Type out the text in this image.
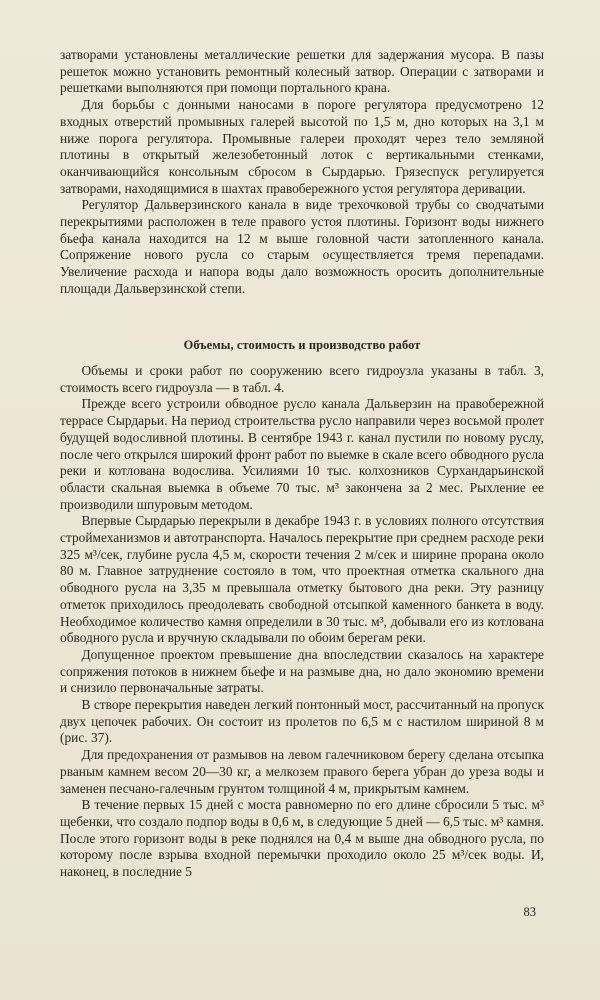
затворами установлены металлические решетки для задержания мусора. В пазы решеток можно установить ремонтный колесный затвор. Операции с затворами и решетками выполняются при помощи портального крана.

Для борьбы с донными наносами в пороге регулятора предусмотрено 12 входных отверстий промывных галерей высотой по 1,5 м, дно которых на 3,1 м ниже порога регулятора. Промывные галереи проходят через тело земляной плотины в открытый железобетонный лоток с вертикальными стенками, оканчивающийся консольным сбросом в Сырдарью. Грязеспуск регулируется затворами, находящимися в шахтах правобережного устоя регулятора деривации.

Регулятор Дальверзинского канала в виде трехочковой трубы со сводчатыми перекрытиями расположен в теле правого устоя плотины. Горизонт воды нижнего бьефа канала находится на 12 м выше головной части затопленного канала. Сопряжение нового русла со старым осуществляется тремя перепадами. Увеличение расхода и напора воды дало возможность оросить дополнительные площади Дальверзинской степи.

Объемы, стоимость и производство работ

Объемы и сроки работ по сооружению всего гидроузла указаны в табл. 3, стоимость всего гидроузла — в табл. 4.

Прежде всего устроили обводное русло канала Дальверзин на правобережной террасе Сырдарьи. На период строительства русло направили через восьмой пролет будущей водосливной плотины. В сентябре 1943 г. канал пустили по новому руслу, после чего открылся широкий фронт работ по выемке в скале всего обводного русла реки и котлована водослива. Усилиями 10 тыс. колхозников Сурхандарьинской области скальная выемка в объеме 70 тыс. м³ закончена за 2 мес. Рыхление ее производили шпуровым методом.

Впервые Сырдарью перекрыли в декабре 1943 г. в условиях полного отсутствия строймеханизмов и автотранспорта. Началось перекрытие при среднем расходе реки 325 м³/сек, глубине русла 4,5 м, скорости течения 2 м/сек и ширине прорана около 80 м. Главное затруднение состояло в том, что проектная отметка скального дна обводного русла на 3,35 м превышала отметку бытового дна реки. Эту разницу отметок приходилось преодолевать свободной отсыпкой каменного банкета в воду. Необходимое количество камня определили в 30 тыс. м³, добывали его из котлована обводного русла и вручную складывали по обоим берегам реки.

Допущенное проектом превышение дна впоследствии сказалось на характере сопряжения потоков в нижнем бьефе и на размыве дна, но дало экономию времени и снизило первоначальные затраты.

В створе перекрытия наведен легкий понтонный мост, рассчитанный на пропуск двух цепочек рабочих. Он состоит из пролетов по 6,5 м с настилом шириной 8 м (рис. 37).

Для предохранения от размывов на левом галечниковом берегу сделана отсыпка рваным камнем весом 20—30 кг, а мелкозем правого берега убран до уреза воды и заменен песчано-галечным грунтом толщиной 4 м, прикрытым камнем.

В течение первых 15 дней с моста равномерно по его длине сбросили 5 тыс. м³ щебенки, что создало подпор воды в 0,6 м, в следующие 5 дней — 6,5 тыс. м³ камня. После этого горизонт воды в реке поднялся на 0,4 м выше дна обводного русла, по которому после взрыва входной перемычки проходило около 25 м³/сек воды. И, наконец, в последние 5

83
